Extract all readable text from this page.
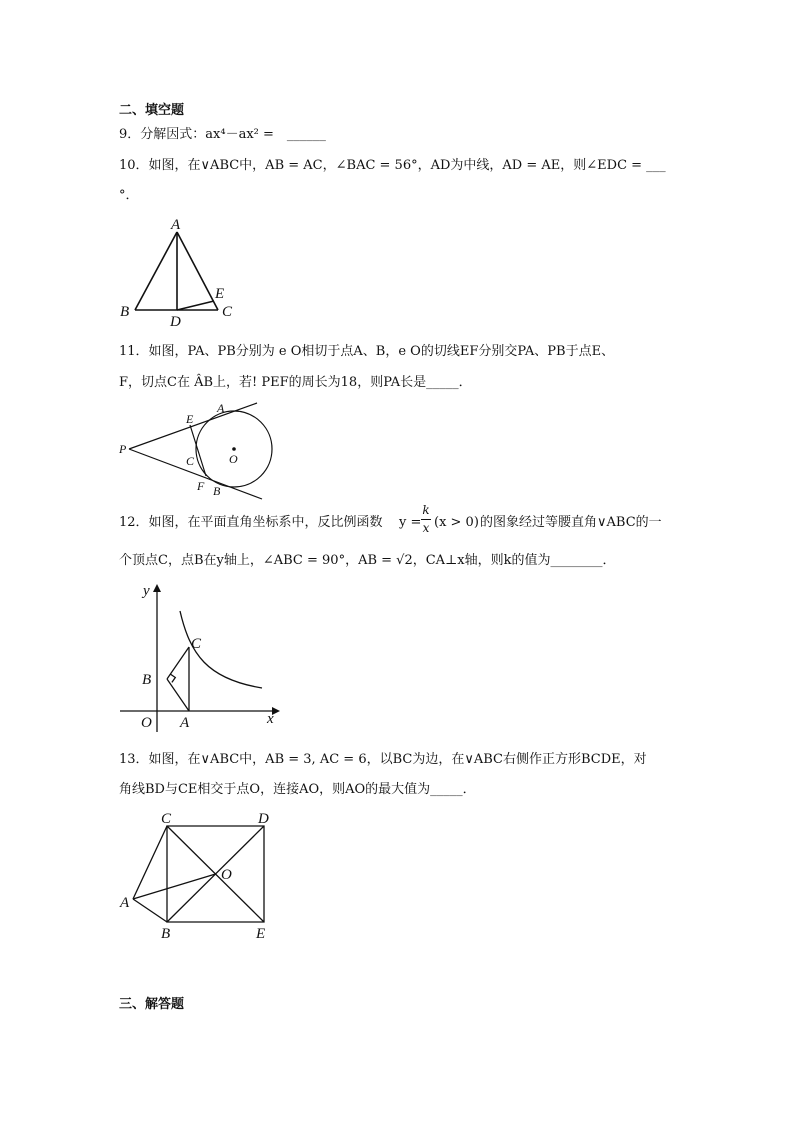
二、填空题
9．分解因式：ax⁴－ax² =　______
10．如图，在∨ABC中，AB = AC，∠BAC = 56°，AD为中线，AD = AE，则∠EDC = ___
°．
A
B	C
D
E
11．如图，PA、PB分别为 e O相切于点A、B，e O的切线EF分别交PA、PB于点E、
F，切点C在 ÂB上，若! PEF的周长为18，则PA长是_____．
P
E
A
C	O
F B
12．如图，在平面直角坐标系中，反比例函数 y =
k
x (x > 0) 的图象经过等腰直角∨ABC的一
个顶点C，点B在y轴上，∠ABC = 90°，AB = √2，CA⊥x轴，则k的值为________．
y
x
O A
B
C
13．如图，在∨ABC中，AB = 3, AC = 6，以BC为边，在∨ABC右侧作正方形BCDE，对
角线BD与CE相交于点O，连接AO，则AO的最大值为_____．
C	D
A
O
B	E
三、解答题
